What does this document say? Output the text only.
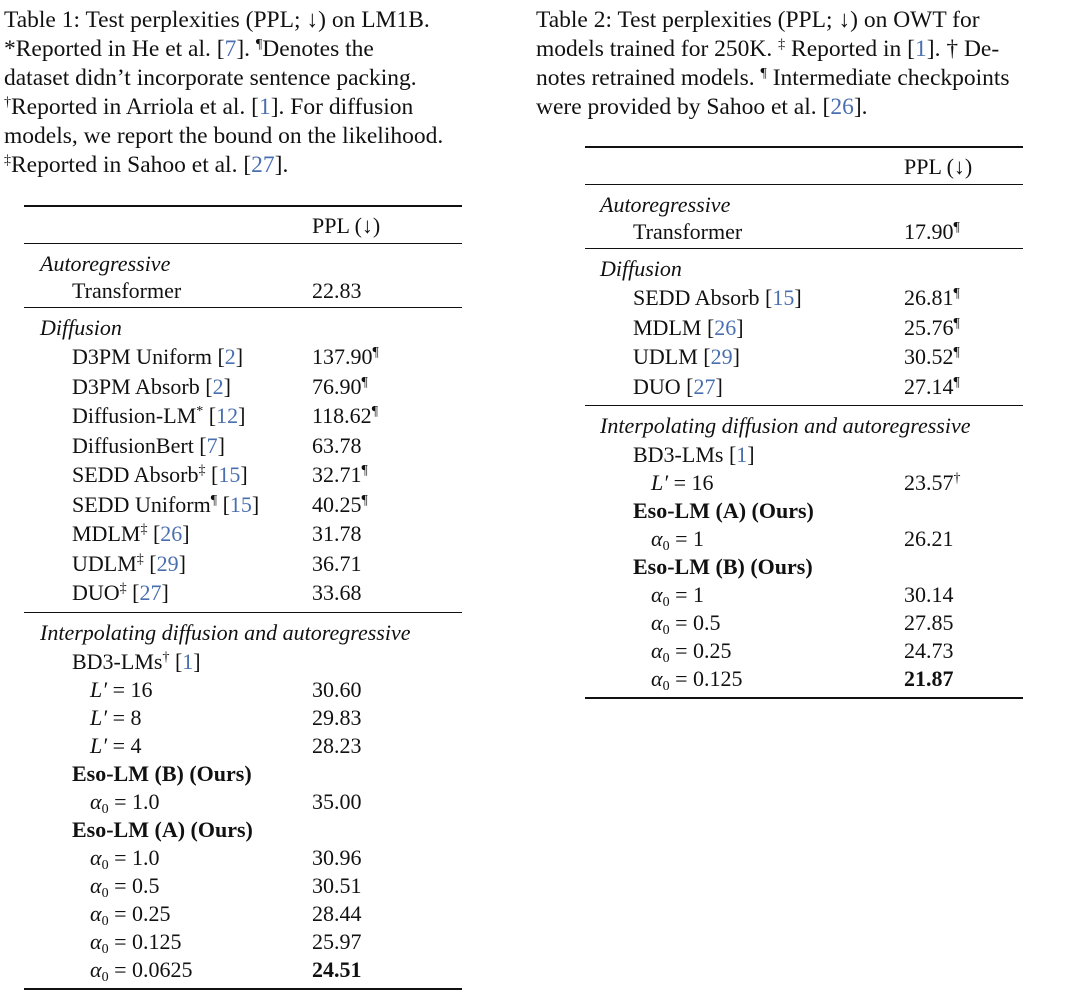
Table 1: Test perplexities (PPL; ↓) on LM1B.
*Reported in He et al. [7]. ¶Denotes the
dataset didn’t incorporate sentence packing.
†Reported in Arriola et al. [1]. For diffusion
models, we report the bound on the likelihood.
‡Reported in Sahoo et al. [27].
Table 2: Test perplexities (PPL; ↓) on OWT for
models trained for 250K. ‡ Reported in [1]. † De-
notes retrained models. ¶ Intermediate checkpoints
were provided by Sahoo et al. [26].
PPL (↓)
Autoregressive
Transformer	22.83
Diffusion
D3PM Uniform [2]	137.90¶
D3PM Absorb [2]	76.90¶
Diffusion-LM* [12]	118.62¶
DiffusionBert [7]	63.78
SEDD Absorb‡ [15]	32.71¶
SEDD Uniform¶ [15] 40.25¶
MDLM‡ [26]	31.78
UDLM‡ [29]	36.71
DUO‡ [27]	33.68
Interpolating diffusion and autoregressive
BD3-LMs† [1]
L′ = 16	30.60
L′ = 8	29.83
L′ = 4	28.23
Eso-LM (B) (Ours)
$\alpha_0 = 1.0$	35.00
Eso-LM (A) (Ours)
$\alpha_0 = 1.0$	30.96
$\alpha_0 = 0.5$	30.51
$\alpha_0 = 0.25$	28.44
$\alpha_0 = 0.125$	25.97
$\alpha_0 = 0.0625$	24.51
PPL (↓)
Autoregressive
Transformer	17.90¶
Diffusion
SEDD Absorb [15]	26.81¶
MDLM [26]	25.76¶
UDLM [29]	30.52¶
DUO [27]	27.14¶
Interpolating diffusion and autoregressive
BD3-LMs [1]
L′ = 16	23.57†
Eso-LM (A) (Ours)
$\alpha_0 = 1$	26.21
Eso-LM (B) (Ours)
$\alpha_0 = 1$	30.14
$\alpha_0 = 0.5$	27.85
$\alpha_0 = 0.25$	24.73
$\alpha_0 = 0.125$	21.87
